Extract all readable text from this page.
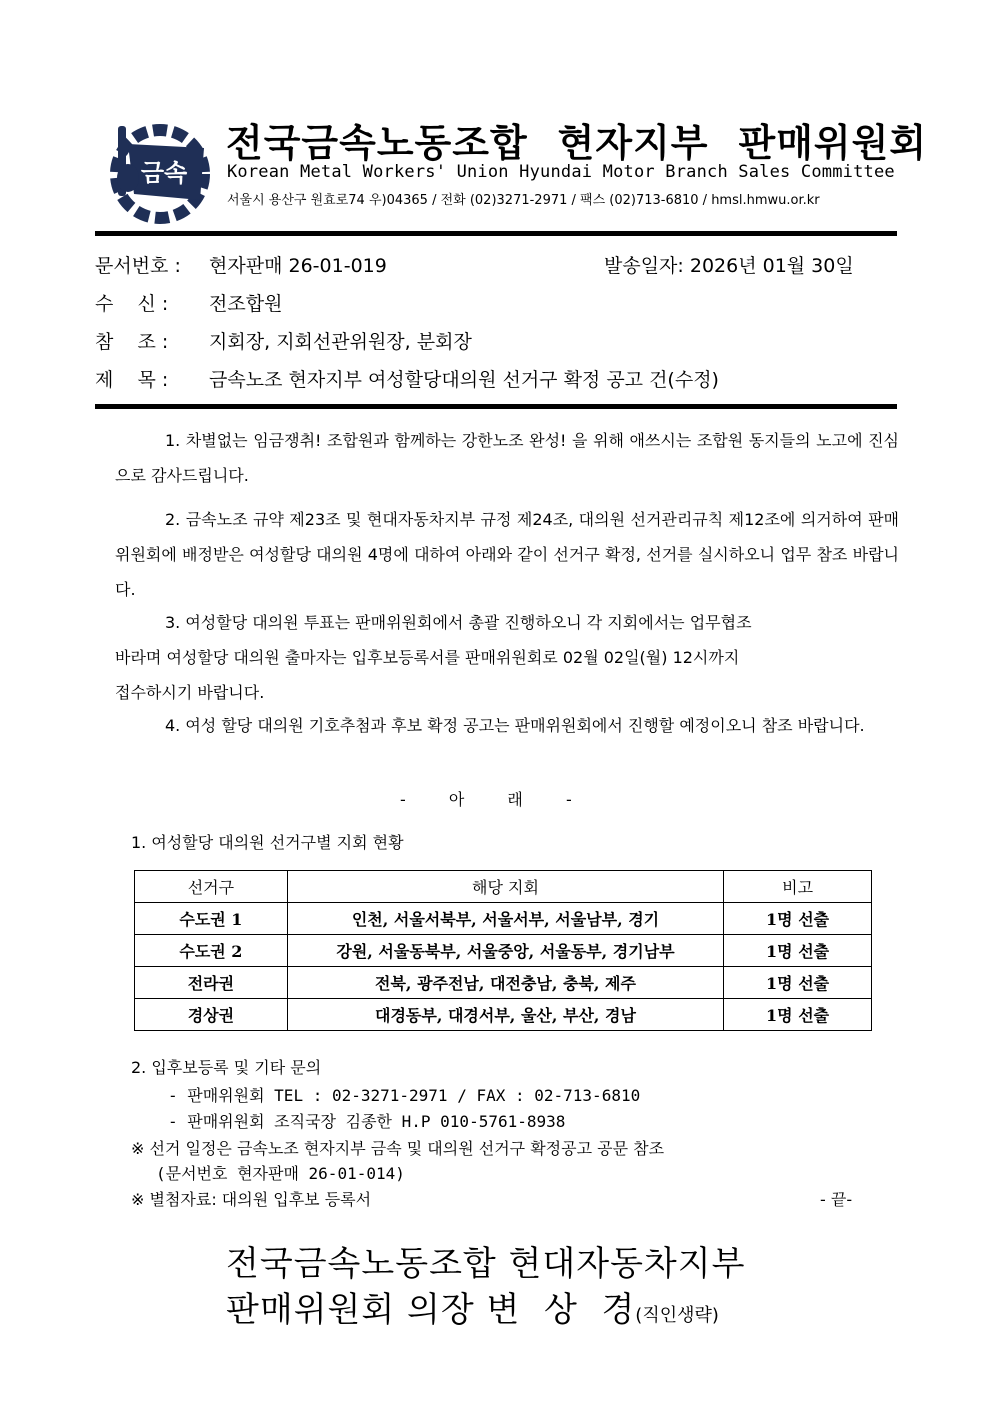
금속
전국금속노동조합 현자지부 판매위원회
Korean Metal Workers' Union Hyundai Motor Branch Sales Committee
서울시 용산구 원효로74 우)04365 / 전화 (02)3271-2971 / 팩스 (02)713-6810 / hmsl.hmwu.or.kr
문서번호 : 현자판매 26-01-019	발송일자: 2026년 01월 30일
수    신 : 전조합원
참    조 : 지회장, 지회선관위원장, 분회장
제    목 : 금속노조 현자지부 여성할당대의원 선거구 확정 공고 건(수정)
1. 차별없는 임금쟁취! 조합원과 함께하는 강한노조 완성! 을 위해 애쓰시는 조합원 동지들의 노고에 진심으로 감사드립니다.
2. 금속노조 규약 제23조 및 현대자동차지부 규정 제24조, 대의원 선거관리규칙 제12조에 의거하여 판매위원회에 배정받은 여성할당 대의원 4명에 대하여 아래와 같이 선거구 확정, 선거를 실시하오니 업무 참조 바랍니다.
3. 여성할당 대의원 투표는 판매위원회에서 총괄 진행하오니 각 지회에서는 업무협조
바라며 여성할당 대의원 출마자는 입후보등록서를 판매위원회로 02월 02일(월) 12시까지
접수하시기 바랍니다.
4. 여성 할당 대의원 기호추첨과 후보 확정 공고는 판매위원회에서 진행할 예정이오니 참조 바랍니다.
- 아 래 -
1. 여성할당 대의원 선거구별 지회 현황
선거구	해당 지회	비고
수도권 1	인천, 서울서북부, 서울서부, 서울남부, 경기	1명 선출
수도권 2	강원, 서울동북부, 서울중앙, 서울동부, 경기남부	1명 선출
전라권	전북, 광주전남, 대전충남, 충북, 제주	1명 선출
경상권	대경동부, 대경서부, 울산, 부산, 경남	1명 선출
2. 입후보등록 및 기타 문의
- 판매위원회 TEL : 02-3271-2971 / FAX : 02-713-6810
- 판매위원회 조직국장 김종한 H.P 010-5761-8938
※ 선거 일정은 금속노조 현자지부 금속 및 대의원 선거구 확정공고 공문 참조
(문서번호 현자판매 26-01-014)
※ 별첨자료: 대의원 입후보 등록서	- 끝-
전국금속노동조합 현대자동차지부
판매위원회 의장 변  상  경(직인생략)
